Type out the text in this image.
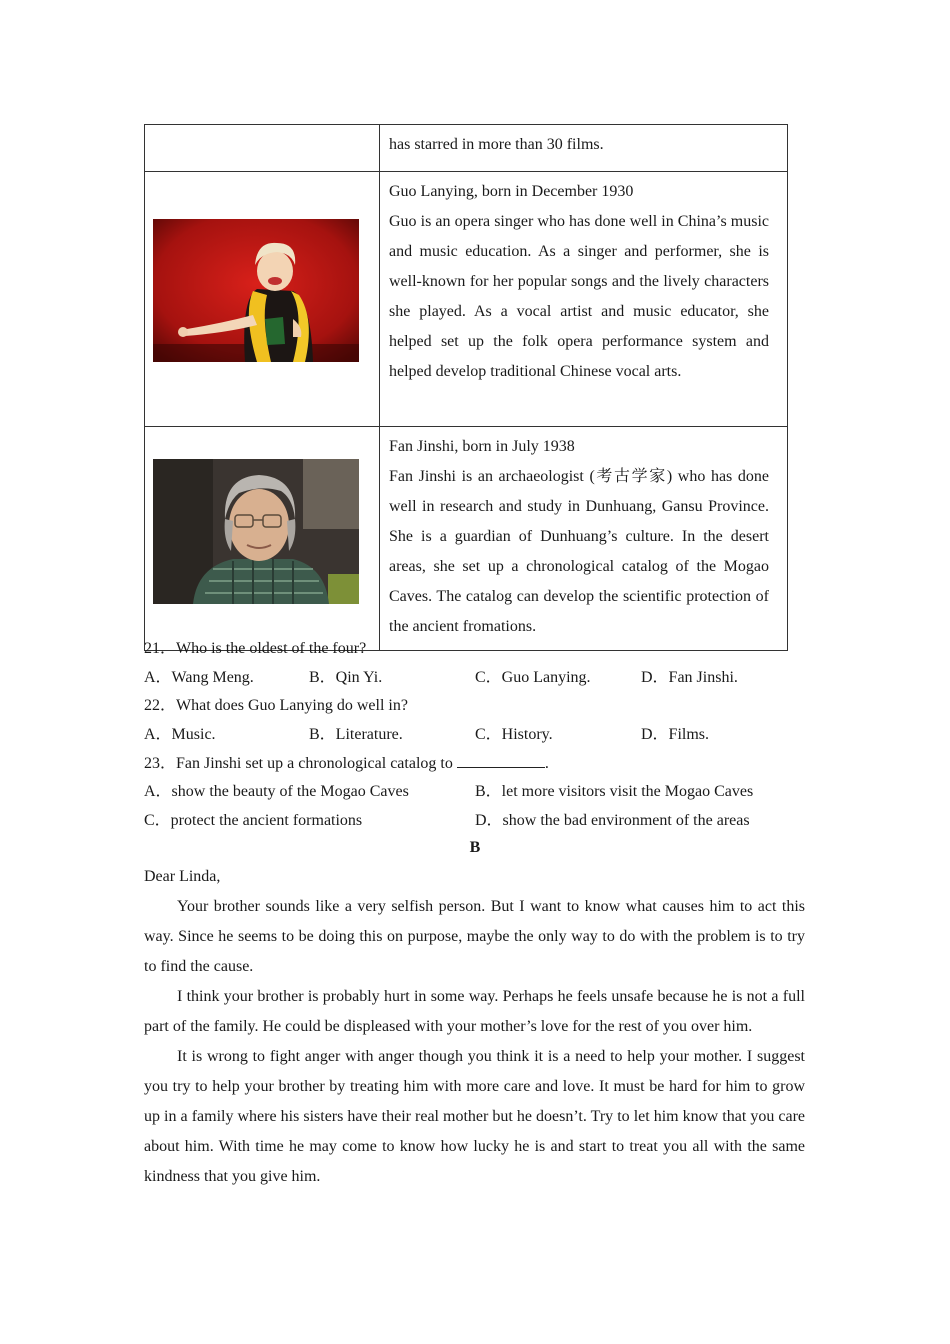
	has starred in more than 30 films.

Guo Lanying, born in December 1930
Guo is an opera singer who has done well in China’s music and music education. As a singer and performer, she is well-known for her popular songs and the lively characters she played. As a vocal artist and music educator, she helped set up the folk opera performance system and helped develop traditional Chinese vocal arts.

Fan Jinshi, born in July 1938
Fan Jinshi is an archaeologist (考古学家) who has done well in research and study in Dunhuang, Gansu Province. She is a guardian of Dunhuang’s culture. In the desert areas, she set up a chronological catalog of the Mogao Caves. The catalog can develop the scientific protection of the ancient fromations.
21．Who is the oldest of the four?
A．Wang Meng.	B．Qin Yi.	C．Guo Lanying.	D．Fan Jinshi.
22．What does Guo Lanying do well in?
A．Music.	B．Literature.	C．History.	D．Films.
23．Fan Jinshi set up a chronological catalog to	.
A．show the beauty of the Mogao Caves	B．let more visitors visit the Mogao Caves
C．protect the ancient formations	D．show the bad environment of the areas
B

Dear Linda,

Your brother sounds like a very selfish person. But I want to know what causes him to act this way. Since he seems to be doing this on purpose, maybe the only way to do with the problem is to try to find the cause.

I think your brother is probably hurt in some way. Perhaps he feels unsafe because he is not a full part of the family. He could be displeased with your mother’s love for the rest of you over him.

It is wrong to fight anger with anger though you think it is a need to help your mother. I suggest you try to help your brother by treating him with more care and love. It must be hard for him to grow up in a family where his sisters have their real mother but he doesn’t. Try to let him know that you care about him. With time he may come to know how lucky he is and start to treat you all with the same kindness that you give him.
